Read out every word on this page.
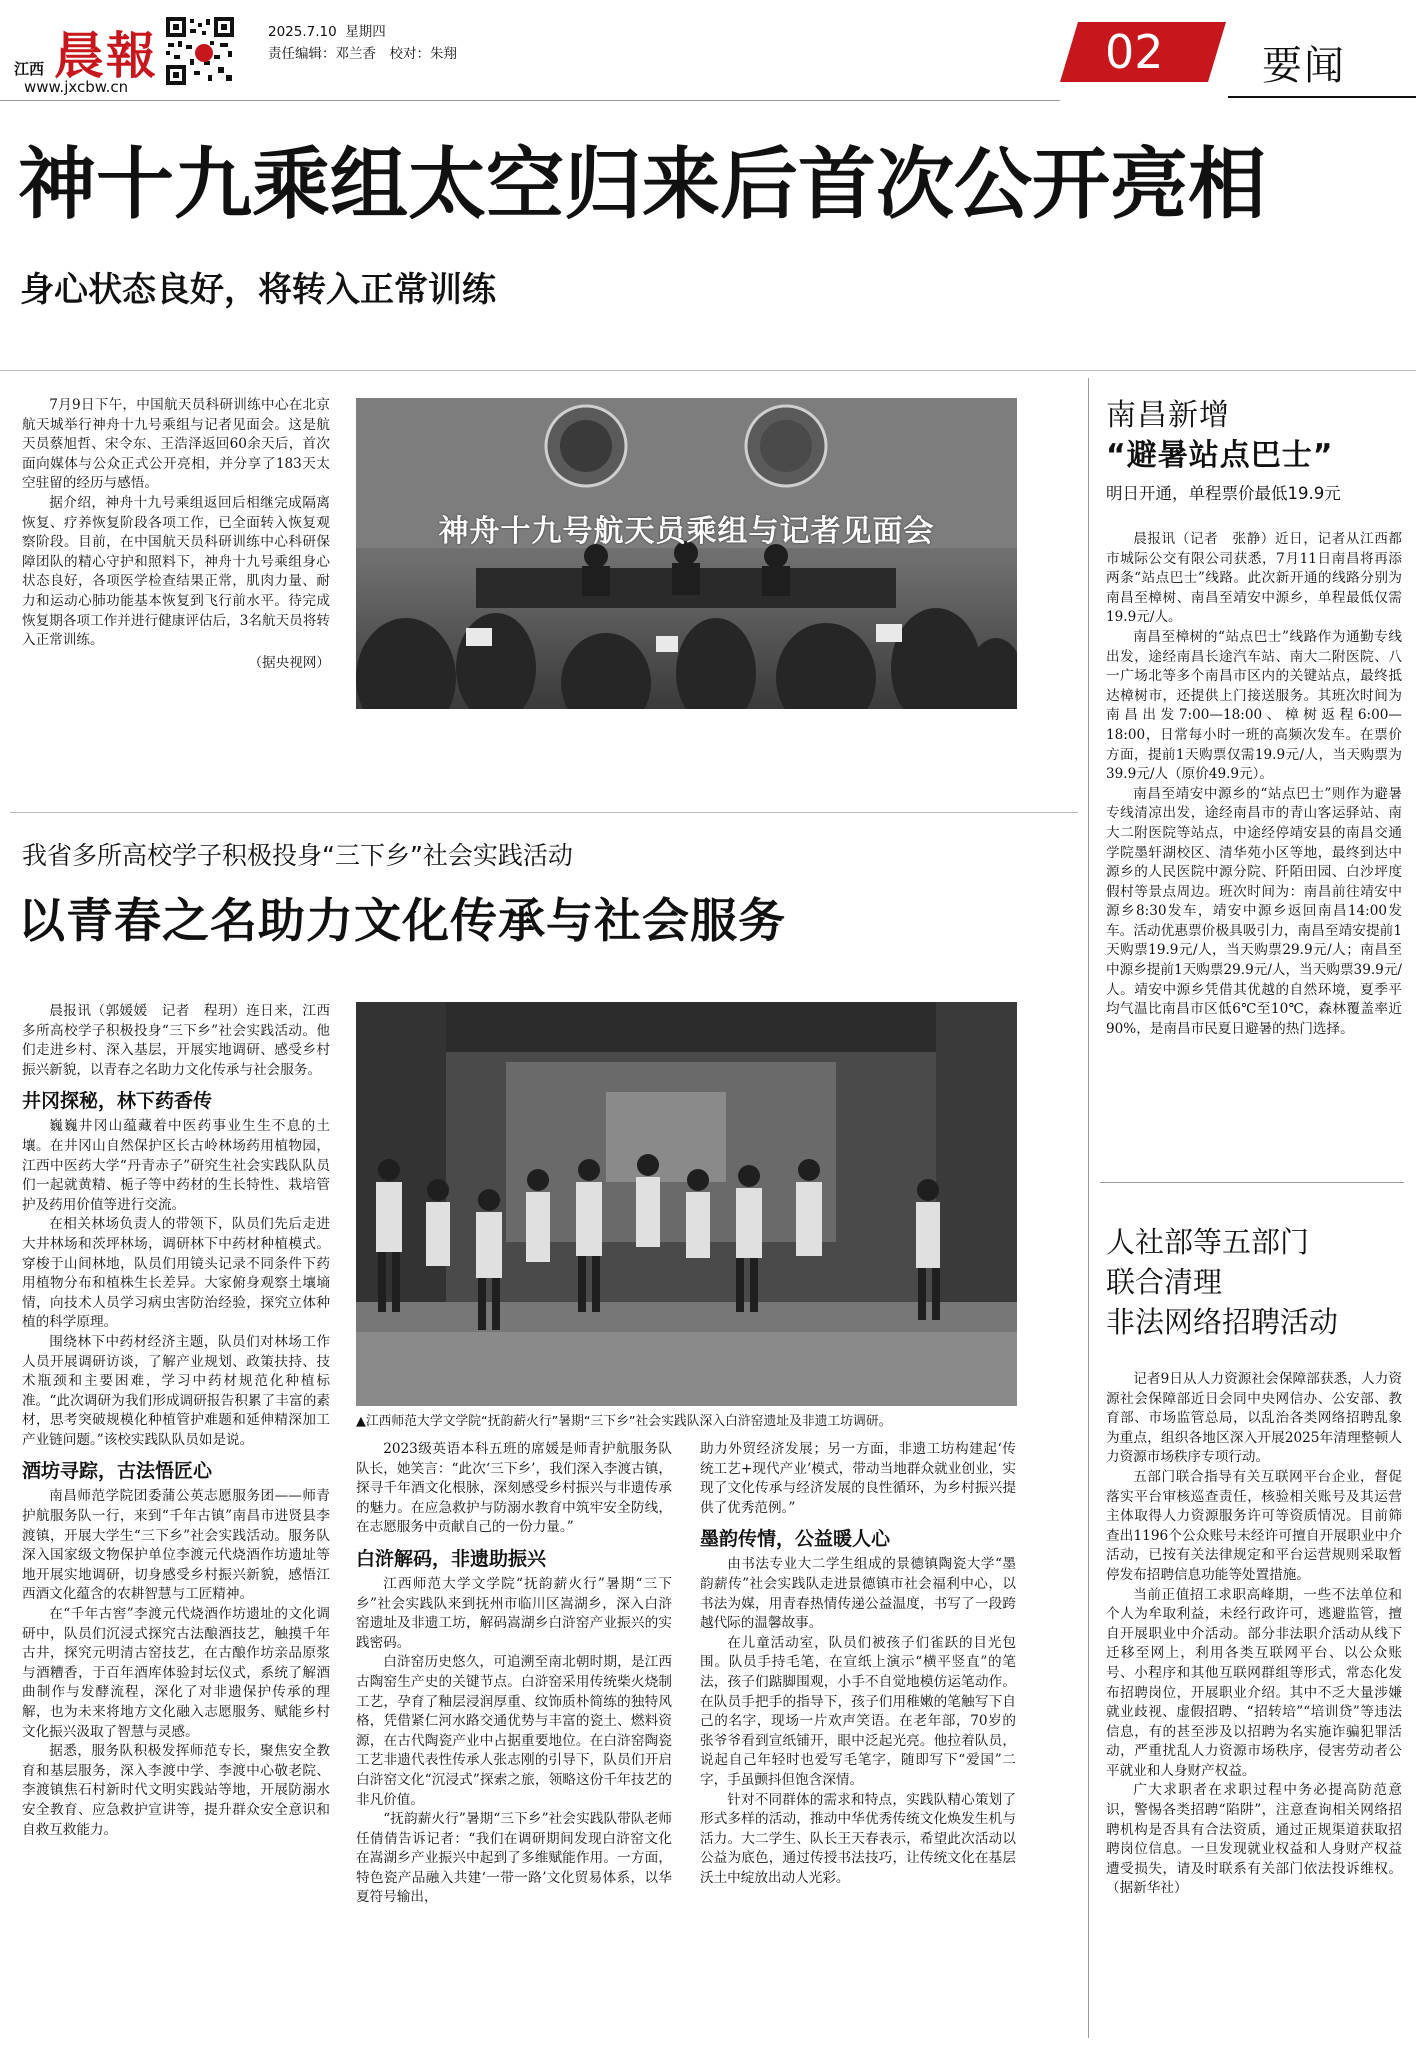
江西 晨報
www.jxcbw.cn
2025.7.10 星期四
责任编辑：邓兰香　校对：朱翔	02 要闻
神十九乘组太空归来后首次公开亮相
身心状态良好，将转入正常训练

7月9日下午，中国航天员科研训练中心在北京航天城举行神舟十九号乘组与记者见面会。这是航天员蔡旭哲、宋令东、王浩泽返回60余天后，首次面向媒体与公众正式公开亮相，并分享了183天太空驻留的经历与感悟。

据介绍，神舟十九号乘组返回后相继完成隔离恢复、疗养恢复阶段各项工作，已全面转入恢复观察阶段。目前，在中国航天员科研训练中心科研保障团队的精心守护和照料下，神舟十九号乘组身心状态良好，各项医学检查结果正常，肌肉力量、耐力和运动心肺功能基本恢复到飞行前水平。待完成恢复期各项工作并进行健康评估后，3名航天员将转入正常训练。

（据央视网）

神舟十九号航天员乘组与记者见面会
南昌新增
“避暑站点巴士”
明日开通，单程票价最低19.9元

晨报讯（记者　张静）近日，记者从江西都市城际公交有限公司获悉，7月11日南昌将再添两条“站点巴士”线路。此次新开通的线路分别为南昌至樟树、南昌至靖安中源乡，单程最低仅需19.9元/人。

南昌至樟树的“站点巴士”线路作为通勤专线出发，途经南昌长途汽车站、南大二附医院、八一广场北等多个南昌市区内的关键站点，最终抵达樟树市，还提供上门接送服务。其班次时间为南昌出发7:00—18:00、樟树返程6:00—18:00，日常每小时一班的高频次发车。在票价方面，提前1天购票仅需19.9元/人，当天购票为39.9元/人（原价49.9元）。

南昌至靖安中源乡的“站点巴士”则作为避暑专线清凉出发，途经南昌市的青山客运驿站、南大二附医院等站点，中途经停靖安县的南昌交通学院墨轩湖校区、清华苑小区等地，最终到达中源乡的人民医院中源分院、阡陌田园、白沙坪度假村等景点周边。班次时间为：南昌前往靖安中源乡8:30发车，靖安中源乡返回南昌14:00发车。活动优惠票价极具吸引力，南昌至靖安提前1天购票19.9元/人，当天购票29.9元/人；南昌至中源乡提前1天购票29.9元/人，当天购票39.9元/人。靖安中源乡凭借其优越的自然环境，夏季平均气温比南昌市区低6℃至10℃，森林覆盖率近90%，是南昌市民夏日避暑的热门选择。

人社部等五部门
联合清理
非法网络招聘活动

记者9日从人力资源社会保障部获悉，人力资源社会保障部近日会同中央网信办、公安部、教育部、市场监管总局，以乱治各类网络招聘乱象为重点，组织各地区深入开展2025年清理整顿人力资源市场秩序专项行动。

五部门联合指导有关互联网平台企业，督促落实平台审核巡查责任，核验相关账号及其运营主体取得人力资源服务许可等资质情况。目前筛查出1196个公众账号未经许可擅自开展职业中介活动，已按有关法律规定和平台运营规则采取暂停发布招聘信息功能等处置措施。

当前正值招工求职高峰期，一些不法单位和个人为牟取利益，未经行政许可，逃避监管，擅自开展职业中介活动。部分非法职介活动从线下迁移至网上，利用各类互联网平台、以公众账号、小程序和其他互联网群组等形式，常态化发布招聘岗位，开展职业介绍。其中不乏大量涉嫌就业歧视、虚假招聘、“招转培”“培训贷”等违法信息，有的甚至涉及以招聘为名实施诈骗犯罪活动，严重扰乱人力资源市场秩序，侵害劳动者公平就业和人身财产权益。

广大求职者在求职过程中务必提高防范意识，警惕各类招聘“陷阱”，注意查询相关网络招聘机构是否具有合法资质，通过正规渠道获取招聘岗位信息。一旦发现就业权益和人身财产权益遭受损失，请及时联系有关部门依法投诉维权。（据新华社）

我省多所高校学子积极投身“三下乡”社会实践活动
以青春之名助力文化传承与社会服务
▲江西师范大学文学院“抚韵薪火行”暑期“三下乡”社会实践队深入白浒窑遗址及非遗工坊调研。

晨报讯（郭媛媛　记者　程玥）连日来，江西多所高校学子积极投身“三下乡”社会实践活动。他们走进乡村、深入基层，开展实地调研、感受乡村振兴新貌，以青春之名助力文化传承与社会服务。

井冈探秘，林下药香传

巍巍井冈山蕴藏着中医药事业生生不息的土壤。在井冈山自然保护区长古岭林场药用植物园，江西中医药大学“丹青赤子”研究生社会实践队队员们一起就黄精、栀子等中药材的生长特性、栽培管护及药用价值等进行交流。

在相关林场负责人的带领下，队员们先后走进大井林场和茨坪林场，调研林下中药材种植模式。穿梭于山间林地，队员们用镜头记录不同条件下药用植物分布和植株生长差异。大家俯身观察土壤墒情，向技术人员学习病虫害防治经验，探究立体种植的科学原理。

围绕林下中药材经济主题，队员们对林场工作人员开展调研访谈，了解产业规划、政策扶持、技术瓶颈和主要困难，学习中药材规范化种植标准。“此次调研为我们形成调研报告积累了丰富的素材，思考突破规模化种植管护难题和延伸精深加工产业链问题。”该校实践队队员如是说。

酒坊寻踪，古法悟匠心

南昌师范学院团委蒲公英志愿服务团——师青护航服务队一行，来到“千年古镇”南昌市进贤县李渡镇，开展大学生“三下乡”社会实践活动。服务队深入国家级文物保护单位李渡元代烧酒作坊遗址等地开展实地调研，切身感受乡村振兴新貌，感悟江西酒文化蕴含的农耕智慧与工匠精神。

在“千年古窖”李渡元代烧酒作坊遗址的文化调研中，队员们沉浸式探究古法酿酒技艺，触摸千年古井，探究元明清古窑技艺，在古酿作坊亲品原浆与酒糟香，于百年酒库体验封坛仪式，系统了解酒曲制作与发酵流程，深化了对非遗保护传承的理解，也为未来将地方文化融入志愿服务、赋能乡村文化振兴汲取了智慧与灵感。

据悉，服务队积极发挥师范专长，聚焦安全教育和基层服务，深入李渡中学、李渡中心敬老院、李渡镇焦石村新时代文明实践站等地，开展防溺水安全教育、应急救护宣讲等，提升群众安全意识和自救互救能力。

2023级英语本科五班的席媛是师青护航服务队队长，她笑言：“此次‘三下乡’，我们深入李渡古镇，探寻千年酒文化根脉，深刻感受乡村振兴与非遗传承的魅力。在应急救护与防溺水教育中筑牢安全防线，在志愿服务中贡献自己的一份力量。”

白浒解码，非遗助振兴

江西师范大学文学院“抚韵薪火行”暑期“三下乡”社会实践队来到抚州市临川区嵩湖乡，深入白浒窑遗址及非遗工坊，解码嵩湖乡白浒窑产业振兴的实践密码。

白浒窑历史悠久，可追溯至南北朝时期，是江西古陶窑生产史的关键节点。白浒窑采用传统柴火烧制工艺，孕育了釉层浸润厚重、纹饰质朴简练的独特风格，凭借紧仁河水路交通优势与丰富的瓷土、燃料资源，在古代陶瓷产业中占据重要地位。在白浒窑陶瓷工艺非遗代表性传承人张志刚的引导下，队员们开启白浒窑文化“沉浸式”探索之旅，领略这份千年技艺的非凡价值。

“抚韵薪火行”暑期“三下乡”社会实践队带队老师任倩倩告诉记者：“我们在调研期间发现白浒窑文化在嵩湖乡产业振兴中起到了多维赋能作用。一方面，特色瓷产品融入共建‘一带一路’文化贸易体系，以华夏符号输出，

助力外贸经济发展；另一方面，非遗工坊构建起‘传统工艺+现代产业’模式，带动当地群众就业创业，实现了文化传承与经济发展的良性循环，为乡村振兴提供了优秀范例。”

墨韵传情，公益暖人心

由书法专业大二学生组成的景德镇陶瓷大学“墨韵薪传”社会实践队走进景德镇市社会福利中心，以书法为媒，用青春热情传递公益温度，书写了一段跨越代际的温馨故事。

在儿童活动室，队员们被孩子们雀跃的目光包围。队员手持毛笔，在宣纸上演示“横平竖直”的笔法，孩子们踮脚围观，小手不自觉地模仿运笔动作。在队员手把手的指导下，孩子们用稚嫩的笔触写下自己的名字，现场一片欢声笑语。在老年部，70岁的张爷爷看到宣纸铺开，眼中泛起光亮。他拉着队员，说起自己年轻时也爱写毛笔字，随即写下“爱国”二字，手虽颤抖但饱含深情。

针对不同群体的需求和特点，实践队精心策划了形式多样的活动，推动中华优秀传统文化焕发生机与活力。大二学生、队长王天春表示，希望此次活动以公益为底色，通过传授书法技巧，让传统文化在基层沃土中绽放出动人光彩。
